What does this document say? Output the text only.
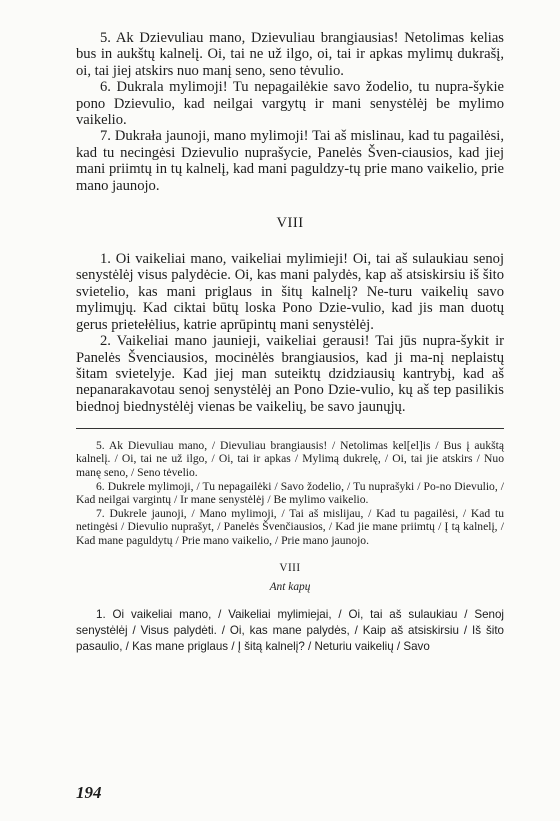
5. Ak Dzievuliau mano, Dzievuliau brangiausias! Netolimas kelias bus in aukštų kalnelį. Oi, tai ne už ilgo, oi, tai ir apkas mylimų dukrašį, oi, tai jiej atskirs nuo manį seno, seno tėvulio.

6. Dukrala mylimoji! Tu nepagailėkie savo žodelio, tu nupra-šykie pono Dzievulio, kad neilgai vargytų ir mani senystėlėj be mylimo vaikelio.

7. Dukrała jaunoji, mano mylimoji! Tai aš mislinau, kad tu pagailėsi, kad tu necingėsi Dzievulio nuprašycie, Panelės Šven-ciausios, kad jiej mani priimtų in tų kalnelį, kad mani paguldzy-tų prie mano vaikelio, prie mano jaunojo.

VIII

1. Oi vaikeliai mano, vaikeliai mylimieji! Oi, tai aš sulaukiau senoj senystėlėj visus palydėcie. Oi, kas mani palydės, kap aš atsiskirsiu iš šito svietelio, kas mani priglaus in šitų kalnelį? Ne-turu vaikelių savo mylimųjų. Kad ciktai būtų loska Pono Dzie-vulio, kad jis man duotų gerus prietełėlius, katrie aprūpintų mani senystėlėj.

2. Vaikeliai mano jaunieji, vaikeliai gerausi! Tai jūs nupra-šykit ir Panelės Švenciausios, mocinėlės brangiausios, kad ji ma-nį neplaistų šitam svietelyje. Kad jiej man suteiktų dzidziausių kantrybį, kad aš nepanarakavotau senoj senystėlėj an Pono Dzie-vulio, kų aš tep pasilikis biednoj biednystėlėj vienas be vaikelių, be savo jaunųjų.

5. Ak Dievuliau mano, / Dievuliau brangiausis! / Netolimas kel[el]is / Bus į aukštą kalnelį. / Oi, tai ne už ilgo, / Oi, tai ir apkas / Mylimą dukrelę, / Oi, tai jie atskirs / Nuo manę seno, / Seno tėvelio.

6. Dukrele mylimoji, / Tu nepagailėki / Savo žodelio, / Tu nuprašyki / Po-no Dievulio, / Kad neilgai vargintų / Ir mane senystėlėj / Be mylimo vaikelio.

7. Dukrele jaunoji, / Mano mylimoji, / Tai aš mislijau, / Kad tu pagailėsi, / Kad tu netingėsi / Dievulio nuprašyt, / Panelės Švenčiausios, / Kad jie mane priimtų / Į tą kalnelį, / Kad mane paguldytų / Prie mano vaikelio, / Prie mano jaunojo.

VIII
Ant kapų

1. Oi vaikeliai mano, / Vaikeliai mylimiejai, / Oi, tai aš sulaukiau / Senoj senystėlėj / Visus palydėti. / Oi, kas mane palydės, / Kaip aš atsiskirsiu / Iš šito pasaulio, / Kas mane priglaus / Į šitą kalnelį? / Neturiu vaikelių / Savo

194
